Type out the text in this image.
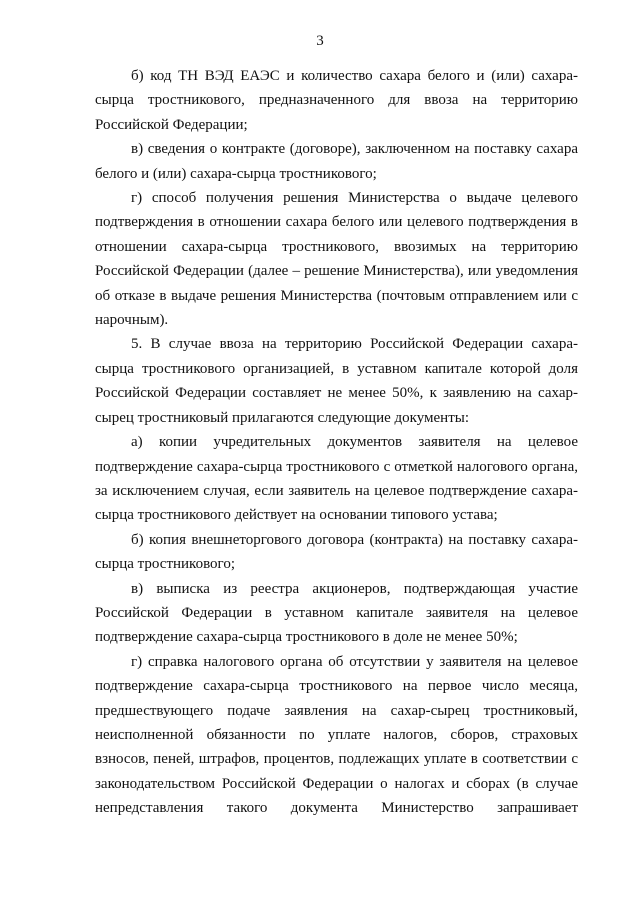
3

б) код ТН ВЭД ЕАЭС и количество сахара белого и (или) сахара-сырца тростникового, предназначенного для ввоза на территорию Российской Федерации;

в) сведения о контракте (договоре), заключенном на поставку сахара белого и (или) сахара-сырца тростникового;

г) способ получения решения Министерства о выдаче целевого подтверждения в отношении сахара белого или целевого подтверждения в отношении сахара-сырца тростникового, ввозимых на территорию Российской Федерации (далее – решение Министерства), или уведомления об отказе в выдаче решения Министерства (почтовым отправлением или с нарочным).

5. В случае ввоза на территорию Российской Федерации сахара-сырца тростникового организацией, в уставном капитале которой доля Российской Федерации составляет не менее 50%, к заявлению на сахар-сырец тростниковый прилагаются следующие документы:

а) копии учредительных документов заявителя на целевое подтверждение сахара-сырца тростникового с отметкой налогового органа, за исключением случая, если заявитель на целевое подтверждение сахара-сырца тростникового действует на основании типового устава;

б) копия внешнеторгового договора (контракта) на поставку сахара-сырца тростникового;

в) выписка из реестра акционеров, подтверждающая участие Российской Федерации в уставном капитале заявителя на целевое подтверждение сахара-сырца тростникового в доле не менее 50%;

г) справка налогового органа об отсутствии у заявителя на целевое подтверждение сахара-сырца тростникового на первое число месяца, предшествующего подаче заявления на сахар-сырец тростниковый, неисполненной обязанности по уплате налогов, сборов, страховых взносов, пеней, штрафов, процентов, подлежащих уплате в соответствии с законодательством Российской Федерации о налогах и сборах (в случае непредставления такого документа Министерство запрашивает
